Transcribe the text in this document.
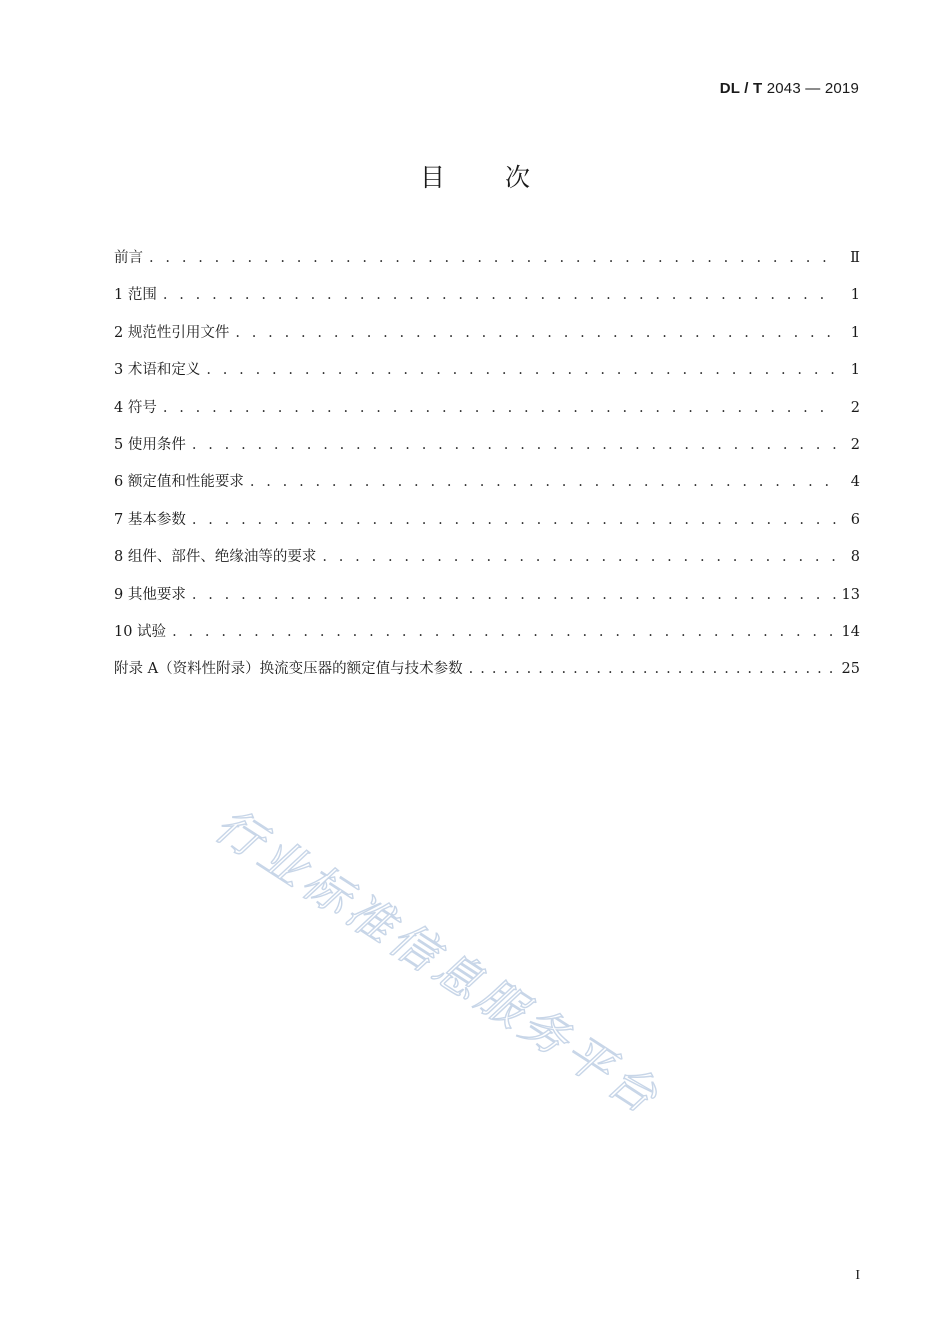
DL / T 2043 — 2019
目次
前言 . . .	Ⅱ
1 范围 . . .	1
2 规范性引用文件 . . .	1
3 术语和定义 . . .	1
4 符号 . . .	2
5 使用条件 . . .	2
6 额定值和性能要求 . . .	4
7 基本参数 . . .	6
8 组件、部件、绝缘油等的要求 . . .	8
9 其他要求 . . .	13
10 试验 . . .	14
附录 A（资料性附录）换流变压器的额定值与技术参数 . . .	25
行业标准信息服务平台
I
